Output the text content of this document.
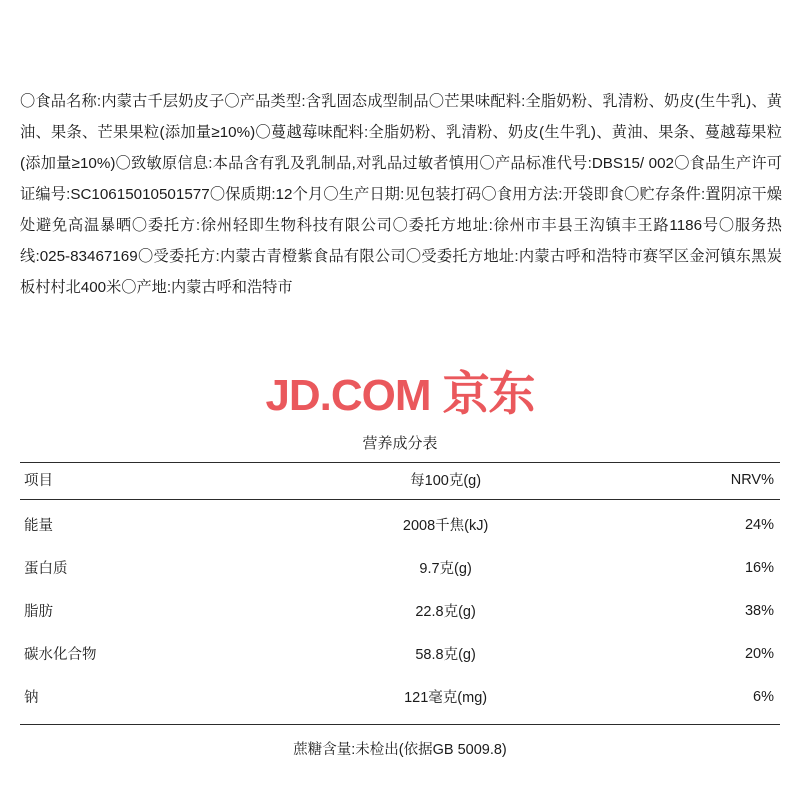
〇食品名称:内蒙古千层奶皮子〇产品类型:含乳固态成型制品〇芒果味配料:全脂奶粉、乳清粉、奶皮(生牛乳)、黄油、果条、芒果果粒(添加量≥10%)〇蔓越莓味配料:全脂奶粉、乳清粉、奶皮(生牛乳)、黄油、果条、蔓越莓果粒(添加量≥10%)〇致敏原信息:本品含有乳及乳制品,对乳品过敏者慎用〇产品标准代号:DBS15/ 002〇食品生产许可证编号:SC10615010501577〇保质期:12个月〇生产日期:见包装打码〇食用方法:开袋即食〇贮存条件:置阴凉干燥处避免高温暴晒〇委托方:徐州轻即生物科技有限公司〇委托方地址:徐州市丰县王沟镇丰王路1186号〇服务热线:025-83467169〇受委托方:内蒙古青橙紫食品有限公司〇受委托方地址:内蒙古呼和浩特市赛罕区金河镇东黑炭板村村北400米〇产地:内蒙古呼和浩特市
JD.COM 京东
营养成分表
项目	每100克(g)	NRV%
能量	2008千焦(kJ)	24%
蛋白质	9.7克(g)	16%
脂肪	22.8克(g)	38%
碳水化合物	58.8克(g)	20%
钠	121毫克(mg)	6%
蔗糖含量:未检出(依据GB 5009.8)
